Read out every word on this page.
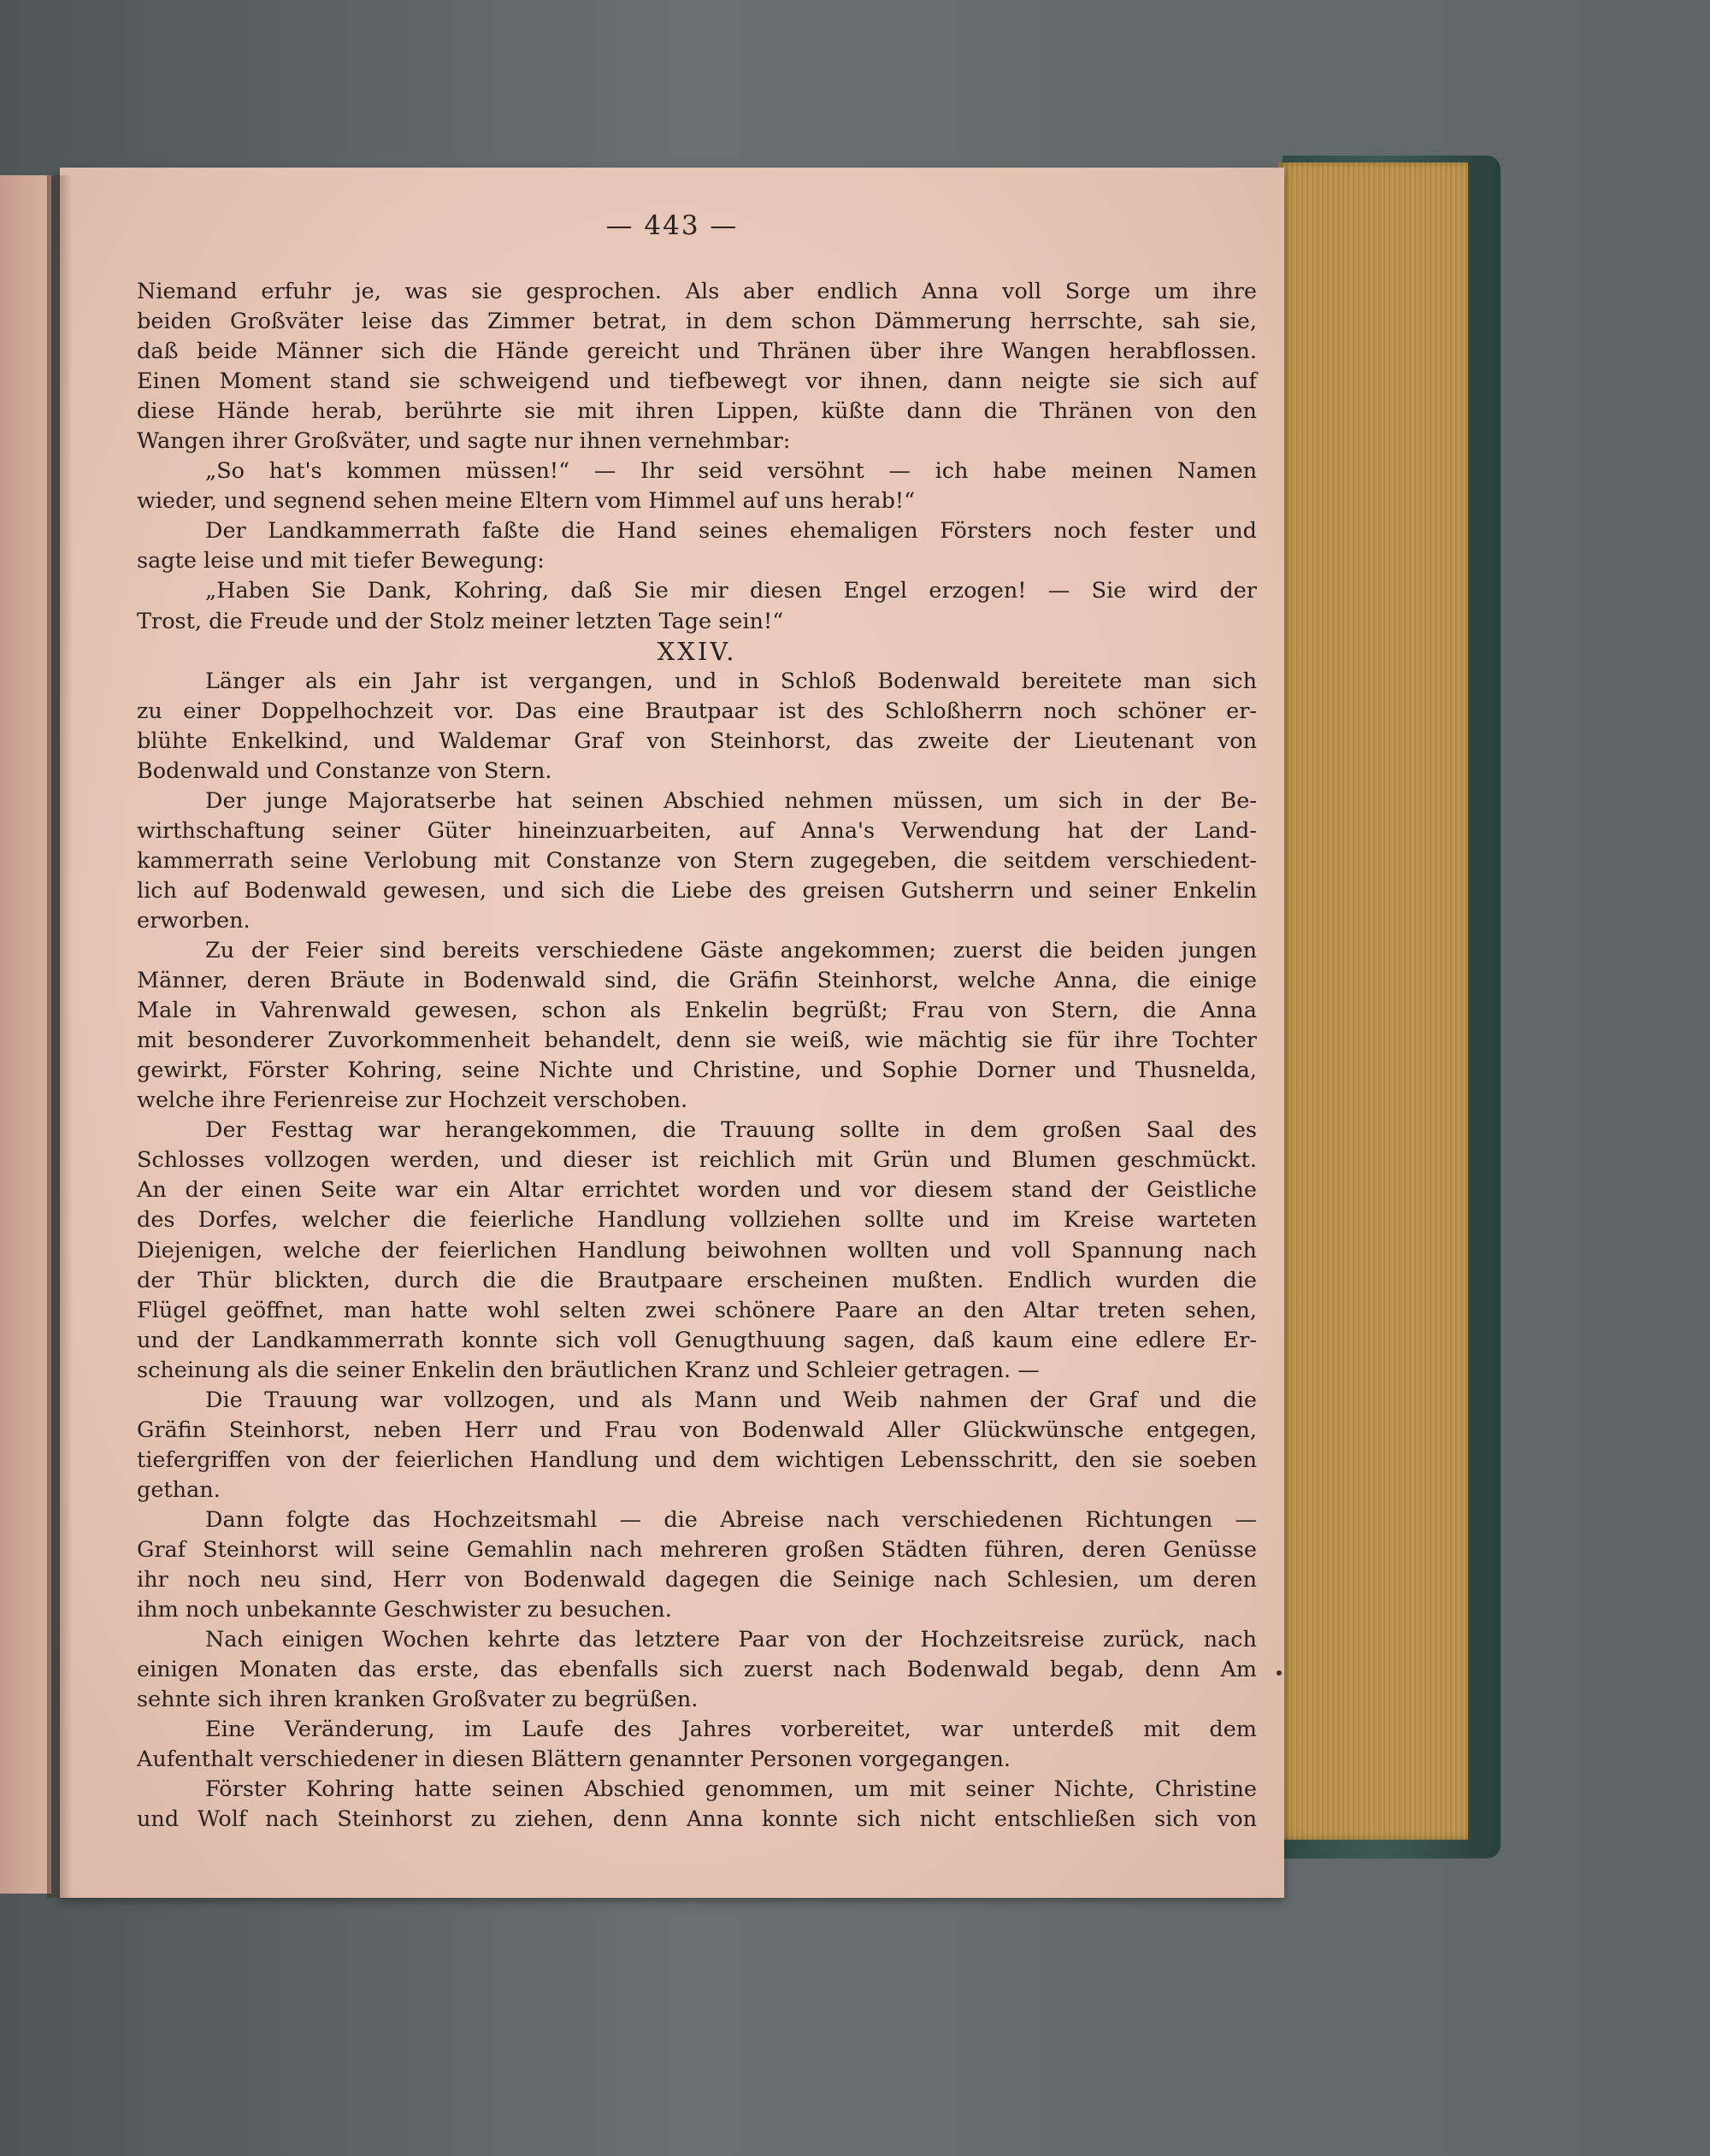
— 443 —
Niemand erfuhr je, was sie gesprochen. Als aber endlich Anna voll Sorge um ihre
beiden Großväter leise das Zimmer betrat, in dem schon Dämmerung herrschte, sah sie,
daß beide Männer sich die Hände gereicht und Thränen über ihre Wangen herabflossen.
Einen Moment stand sie schweigend und tiefbewegt vor ihnen, dann neigte sie sich auf
diese Hände herab, berührte sie mit ihren Lippen, küßte dann die Thränen von den
Wangen ihrer Großväter, und sagte nur ihnen vernehmbar:
„So hat's kommen müssen!“ — Ihr seid versöhnt — ich habe meinen Namen
wieder, und segnend sehen meine Eltern vom Himmel auf uns herab!“
Der Landkammerrath faßte die Hand seines ehemaligen Försters noch fester und
sagte leise und mit tiefer Bewegung:
„Haben Sie Dank, Kohring, daß Sie mir diesen Engel erzogen! — Sie wird der
Trost, die Freude und der Stolz meiner letzten Tage sein!“
XXIV.
Länger als ein Jahr ist vergangen, und in Schloß Bodenwald bereitete man sich
zu einer Doppelhochzeit vor. Das eine Brautpaar ist des Schloßherrn noch schöner er-
blühte Enkelkind, und Waldemar Graf von Steinhorst, das zweite der Lieutenant von
Bodenwald und Constanze von Stern.
Der junge Majoratserbe hat seinen Abschied nehmen müssen, um sich in der Be-
wirthschaftung seiner Güter hineinzuarbeiten, auf Anna's Verwendung hat der Land-
kammerrath seine Verlobung mit Constanze von Stern zugegeben, die seitdem verschiedent-
lich auf Bodenwald gewesen, und sich die Liebe des greisen Gutsherrn und seiner Enkelin
erworben.
Zu der Feier sind bereits verschiedene Gäste angekommen; zuerst die beiden jungen
Männer, deren Bräute in Bodenwald sind, die Gräfin Steinhorst, welche Anna, die einige
Male in Vahrenwald gewesen, schon als Enkelin begrüßt; Frau von Stern, die Anna
mit besonderer Zuvorkommenheit behandelt, denn sie weiß, wie mächtig sie für ihre Tochter
gewirkt, Förster Kohring, seine Nichte und Christine, und Sophie Dorner und Thusnelda,
welche ihre Ferienreise zur Hochzeit verschoben.
Der Festtag war herangekommen, die Trauung sollte in dem großen Saal des
Schlosses vollzogen werden, und dieser ist reichlich mit Grün und Blumen geschmückt.
An der einen Seite war ein Altar errichtet worden und vor diesem stand der Geistliche
des Dorfes, welcher die feierliche Handlung vollziehen sollte und im Kreise warteten
Diejenigen, welche der feierlichen Handlung beiwohnen wollten und voll Spannung nach
der Thür blickten, durch die die Brautpaare erscheinen mußten. Endlich wurden die
Flügel geöffnet, man hatte wohl selten zwei schönere Paare an den Altar treten sehen,
und der Landkammerrath konnte sich voll Genugthuung sagen, daß kaum eine edlere Er-
scheinung als die seiner Enkelin den bräutlichen Kranz und Schleier getragen. —
Die Trauung war vollzogen, und als Mann und Weib nahmen der Graf und die
Gräfin Steinhorst, neben Herr und Frau von Bodenwald Aller Glückwünsche entgegen,
tiefergriffen von der feierlichen Handlung und dem wichtigen Lebensschritt, den sie soeben
gethan.
Dann folgte das Hochzeitsmahl — die Abreise nach verschiedenen Richtungen —
Graf Steinhorst will seine Gemahlin nach mehreren großen Städten führen, deren Genüsse
ihr noch neu sind, Herr von Bodenwald dagegen die Seinige nach Schlesien, um deren
ihm noch unbekannte Geschwister zu besuchen.
Nach einigen Wochen kehrte das letztere Paar von der Hochzeitsreise zurück, nach
einigen Monaten das erste, das ebenfalls sich zuerst nach Bodenwald begab, denn Am
sehnte sich ihren kranken Großvater zu begrüßen.
Eine Veränderung, im Laufe des Jahres vorbereitet, war unterdeß mit dem
Aufenthalt verschiedener in diesen Blättern genannter Personen vorgegangen.
Förster Kohring hatte seinen Abschied genommen, um mit seiner Nichte, Christine
und Wolf nach Steinhorst zu ziehen, denn Anna konnte sich nicht entschließen sich von
